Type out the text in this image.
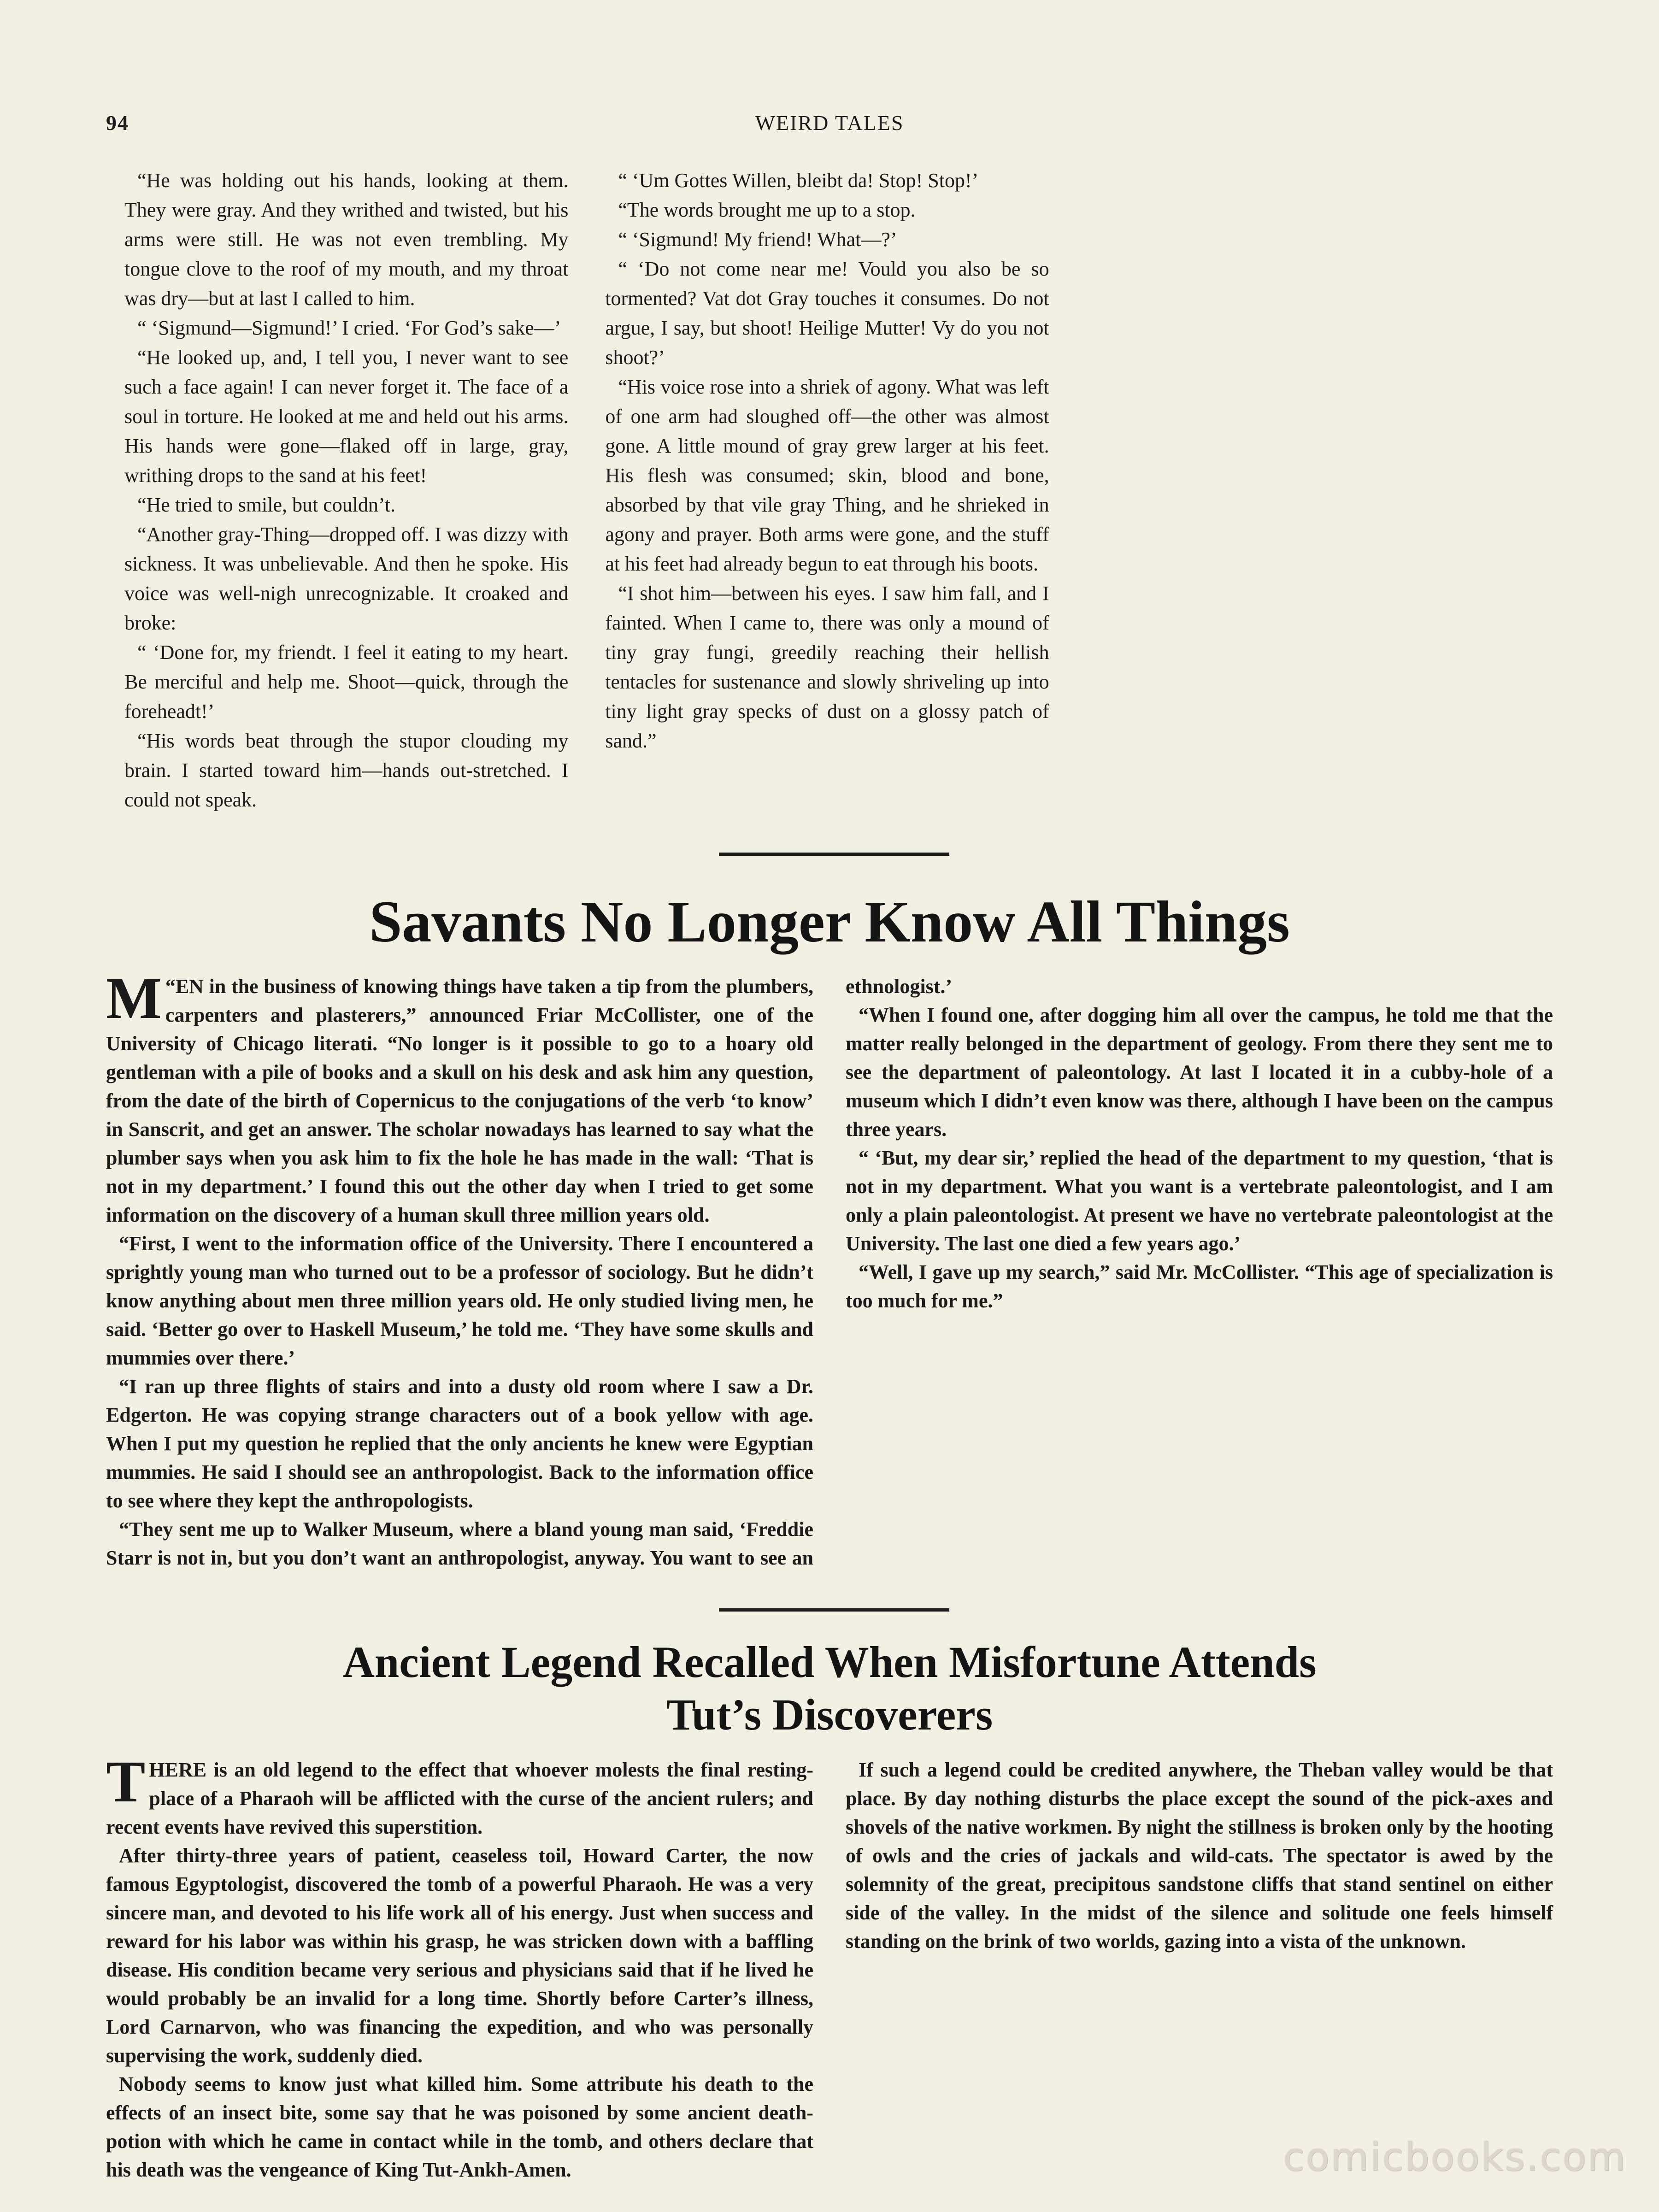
94	WEIRD TALES

“He was holding out his hands, looking at them. They were gray. And they writhed and twisted, but his arms were still. He was not even trembling. My tongue clove to the roof of my mouth, and my throat was dry—but at last I called to him.

“ ‘Sigmund—Sigmund!’ I cried. ‘For God’s sake—’

“He looked up, and, I tell you, I never want to see such a face again! I can never forget it. The face of a soul in torture. He looked at me and held out his arms. His hands were gone—flaked off in large, gray, writhing drops to the sand at his feet!

“He tried to smile, but couldn’t.

“Another gray-Thing—dropped off. I was dizzy with sickness. It was unbelievable. And then he spoke. His voice was well-nigh unrecognizable. It croaked and broke:

“ ‘Done for, my friendt. I feel it eating to my heart. Be merciful and help me. Shoot—quick, through the foreheadt!’

“His words beat through the stupor clouding my brain. I started toward him—hands out-stretched. I could not speak.

“ ‘Um Gottes Willen, bleibt da! Stop! Stop!’

“The words brought me up to a stop.

“ ‘Sigmund! My friend! What—?’

“ ‘Do not come near me! Vould you also be so tormented? Vat dot Gray touches it consumes. Do not argue, I say, but shoot! Heilige Mutter! Vy do you not shoot?’

“His voice rose into a shriek of agony. What was left of one arm had sloughed off—the other was almost gone. A little mound of gray grew larger at his feet. His flesh was consumed; skin, blood and bone, absorbed by that vile gray Thing, and he shrieked in agony and prayer. Both arms were gone, and the stuff at his feet had already begun to eat through his boots.

“I shot him—between his eyes. I saw him fall, and I fainted. When I came to, there was only a mound of tiny gray fungi, greedily reaching their hellish tentacles for sustenance and slowly shriveling up into tiny light gray specks of dust on a glossy patch of sand.”

Savants No Longer Know All Things

“
M EN in the business of knowing things have taken a tip from the plumbers, carpenters and plasterers,” announced Friar McCollister, one of the University of Chicago literati. “No longer is it possible to go to a hoary old gentleman with a pile of books and a skull on his desk and ask him any question, from the date of the birth of Copernicus to the conjugations of the verb ‘to know’ in Sanscrit, and get an answer. The scholar nowadays has learned to say what the plumber says when you ask him to fix the hole he has made in the wall: ‘That is not in my department.’ I found this out the other day when I tried to get some information on the discovery of a human skull three million years old.

“First, I went to the information office of the University. There I encountered a sprightly young man who turned out to be a professor of sociology. But he didn’t know anything about men three million years old. He only studied living men, he said. ‘Better go over to Haskell Museum,’ he told me. ‘They have some skulls and mummies over there.’

“I ran up three flights of stairs and into a dusty old room where I saw a Dr. Edgerton. He was copying strange characters out of a book yellow with age. When I put my question he replied that the only ancients he knew were Egyptian mummies. He said I should see an anthropologist. Back to the information office to see where they kept the anthropologists.

“They sent me up to Walker Museum, where a bland young man said, ‘Freddie Starr is not in, but you don’t want an anthropologist, anyway. You want to see an ethnologist.’

“When I found one, after dogging him all over the campus, he told me that the matter really belonged in the department of geology. From there they sent me to see the department of paleontology. At last I located it in a cubby-hole of a museum which I didn’t even know was there, although I have been on the campus three years.

“ ‘But, my dear sir,’ replied the head of the department to my question, ‘that is not in my department. What you want is a vertebrate paleontologist, and I am only a plain paleontologist. At present we have no vertebrate paleontologist at the University. The last one died a few years ago.’

“Well, I gave up my search,” said Mr. McCollister. “This age of specialization is too much for me.”

Ancient Legend Recalled When Misfortune Attends
Tut’s Discoverers

THERE is an old legend to the effect that whoever molests the final resting-place of a Pharaoh will be afflicted with the curse of the ancient rulers; and recent events have revived this superstition.

After thirty-three years of patient, ceaseless toil, Howard Carter, the now famous Egyptologist, discovered the tomb of a powerful Pharaoh. He was a very sincere man, and devoted to his life work all of his energy. Just when success and reward for his labor was within his grasp, he was stricken down with a baffling disease. His condition became very serious and physicians said that if he lived he would probably be an invalid for a long time. Shortly before Carter’s illness, Lord Carnarvon, who was financing the expedition, and who was personally supervising the work, suddenly died.

Nobody seems to know just what killed him. Some attribute his death to the effects of an insect bite, some say that he was poisoned by some ancient death-potion with which he came in contact while in the tomb, and others declare that his death was the vengeance of King Tut-Ankh-Amen.

If such a legend could be credited anywhere, the Theban valley would be that place. By day nothing disturbs the place except the sound of the pick-axes and shovels of the native workmen. By night the stillness is broken only by the hooting of owls and the cries of jackals and wild-cats. The spectator is awed by the solemnity of the great, precipitous sandstone cliffs that stand sentinel on either side of the valley. In the midst of the silence and solitude one feels himself standing on the brink of two worlds, gazing into a vista of the unknown.

comicbooks.com
